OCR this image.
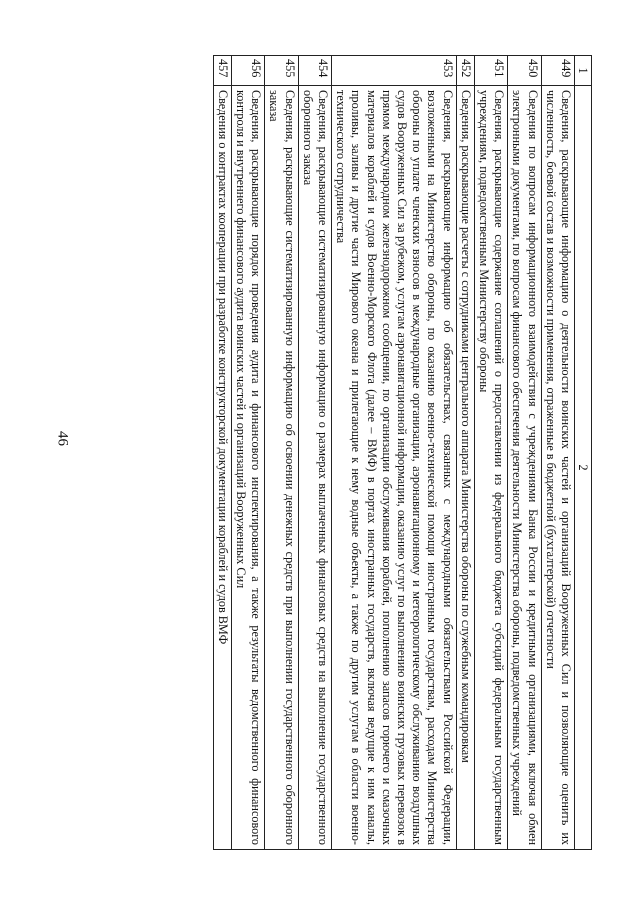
46
1	2
449	Сведения, раскрывающие информацию о деятельности воинских частей и организаций Вооруженных Сил и позволяющие оценить их численность, боевой состав и возможности применения, отраженные в бюджетной (бухгалтерской) отчетности
450	Сведения по вопросам информационного взаимодействия с учреждениями Банка России и кредитными организациями, включая обмен электронными документами, по вопросам финансового обеспечения деятельности Министерства обороны, подведомственных учреждений
451	Сведения, раскрывающие содержание соглашений о предоставлении из федерального бюджета субсидий федеральным государственным учреждениям, подведомственным Министерству обороны
452	Сведения, раскрывающие расчеты с сотрудниками центрального аппарата Министерства обороны по служебным командировкам
453	Сведения, раскрывающие информацию об обязательствах, связанных с международными обязательствами Российской Федерации, возложенными на Министерство обороны, по оказанию военно-технической помощи иностранным государствам, расходам Министерства обороны по уплате членских взносов в международные организации, аэронавигационному и метеорологическому обслуживанию воздушных судов Вооруженных Сил за рубежом, услугам аэронавигационной информации, оказанию услуг по выполнению воинских грузовых перевозок в прямом международном железнодорожном сообщении, по организации обслуживания кораблей, пополнению запасов горючего и смазочных материалов кораблей и судов Военно-Морского Флота (далее – ВМФ) в портах иностранных государств, включая ведущие к ним каналы, проливы, заливы и другие части Мирового океана и прилегающие к нему водные объекты, а также по другим услугам в области военно-технического сотрудничества
454	Сведения, раскрывающие систематизированную информацию о размерах выплаченных финансовых средств на выполнение государственного оборонного заказа
455	Сведения, раскрывающие систематизированную информацию об освоении денежных средств при выполнении государственного оборонного заказа
456	Сведения, раскрывающие порядок проведения аудита и финансового инспектирования, а также результаты ведомственного финансового контроля и внутреннего финансового аудита воинских частей и организаций Вооруженных Сил
457	Сведения о контрактах кооперации при разработке конструкторской документации кораблей и судов ВМФ
